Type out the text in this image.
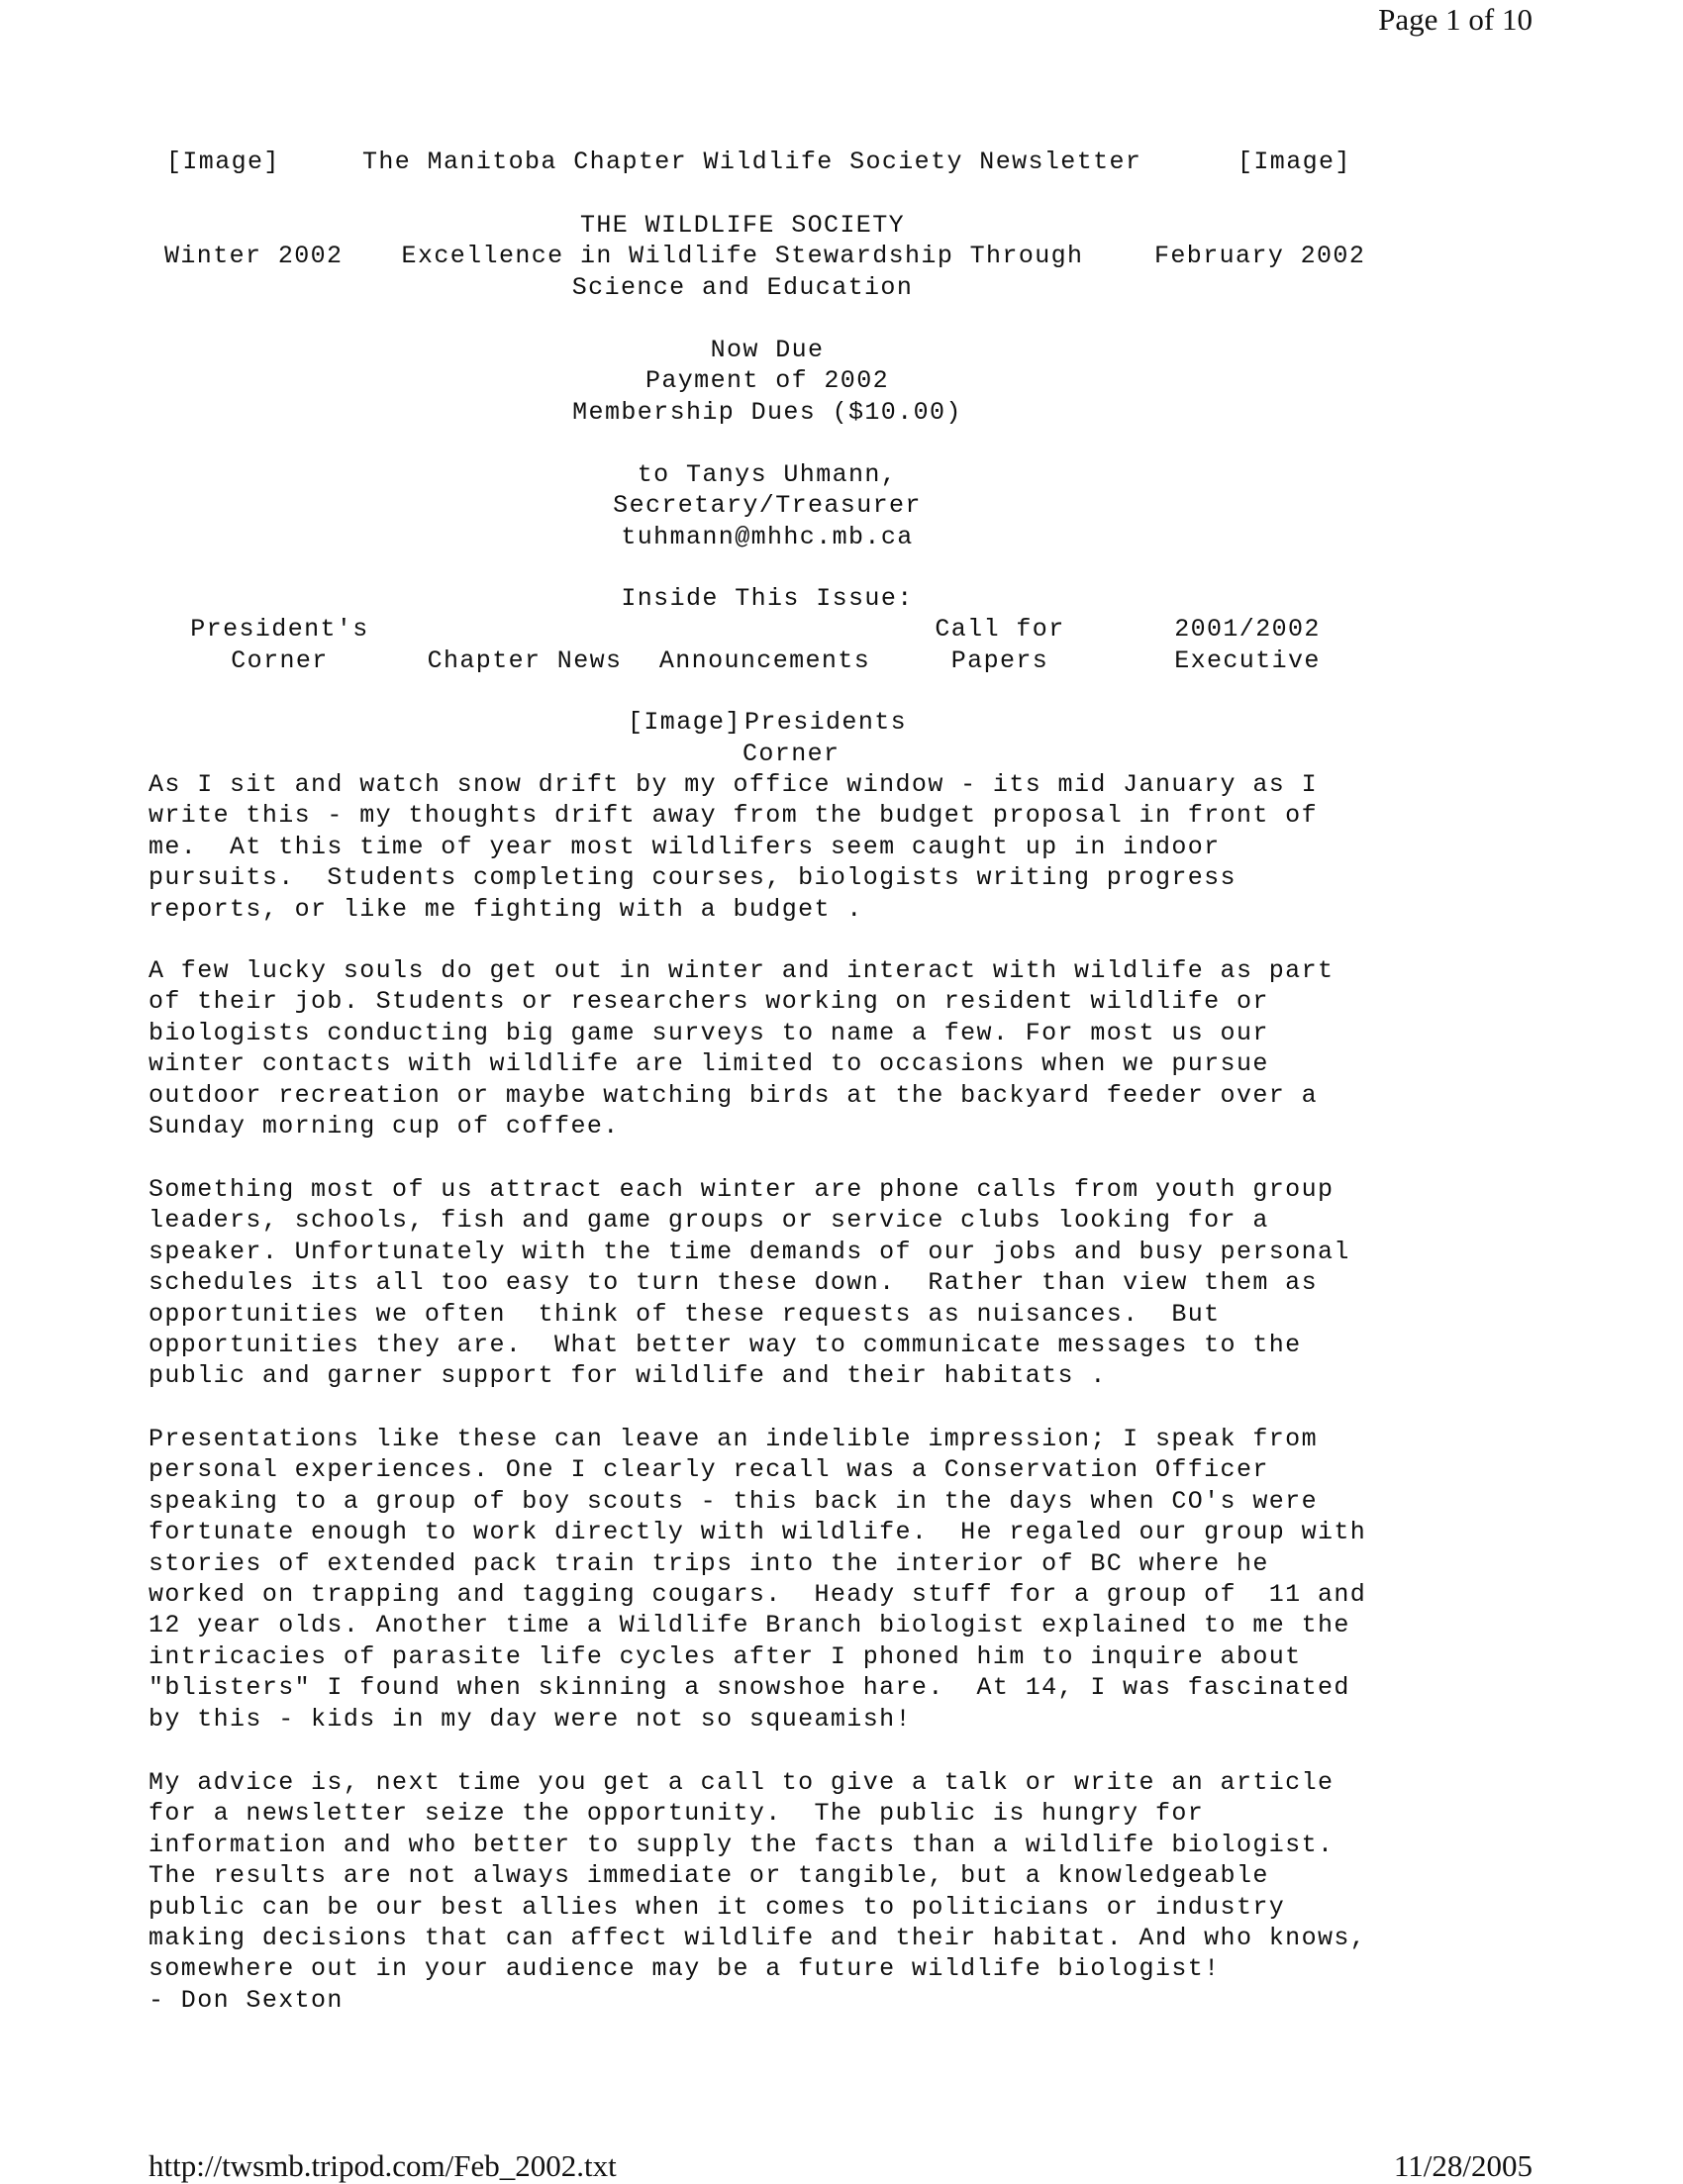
Page 1 of 10
http://twsmb.tripod.com/Feb_2002.txt	11/28/2005
[Image]	The Manitoba Chapter Wildlife Society Newsletter	[Image]
THE WILDLIFE SOCIETY
Winter 2002 Excellence in Wildlife Stewardship Through	February 2002
Science and Education
Now Due
Payment of 2002
Membership Dues ($10.00)
to Tanys Uhmann,
Secretary/Treasurer
tuhmann@mhhc.mb.ca
Inside This Issue:
President's
Corner	Chapter News	Announcements
Call for
Papers
2001/2002
Executive
[Image] Presidents
Corner

As I sit and watch snow drift by my office window - its mid January as I
write this - my thoughts drift away from the budget proposal in front of
me.  At this time of year most wildlifers seem caught up in indoor
pursuits.  Students completing courses, biologists writing progress
reports, or like me fighting with a budget .

A few lucky souls do get out in winter and interact with wildlife as part
of their job. Students or researchers working on resident wildlife or
biologists conducting big game surveys to name a few. For most us our
winter contacts with wildlife are limited to occasions when we pursue
outdoor recreation or maybe watching birds at the backyard feeder over a
Sunday morning cup of coffee.

Something most of us attract each winter are phone calls from youth group
leaders, schools, fish and game groups or service clubs looking for a
speaker. Unfortunately with the time demands of our jobs and busy personal
schedules its all too easy to turn these down.  Rather than view them as
opportunities we often  think of these requests as nuisances.  But
opportunities they are.  What better way to communicate messages to the
public and garner support for wildlife and their habitats .

Presentations like these can leave an indelible impression; I speak from
personal experiences. One I clearly recall was a Conservation Officer
speaking to a group of boy scouts - this back in the days when CO's were
fortunate enough to work directly with wildlife.  He regaled our group with
stories of extended pack train trips into the interior of BC where he
worked on trapping and tagging cougars.  Heady stuff for a group of  11 and
12 year olds. Another time a Wildlife Branch biologist explained to me the
intricacies of parasite life cycles after I phoned him to inquire about
"blisters" I found when skinning a snowshoe hare.  At 14, I was fascinated
by this - kids in my day were not so squeamish!

My advice is, next time you get a call to give a talk or write an article
for a newsletter seize the opportunity.  The public is hungry for
information and who better to supply the facts than a wildlife biologist.
The results are not always immediate or tangible, but a knowledgeable
public can be our best allies when it comes to politicians or industry
making decisions that can affect wildlife and their habitat. And who knows,
somewhere out in your audience may be a future wildlife biologist!
- Don Sexton
